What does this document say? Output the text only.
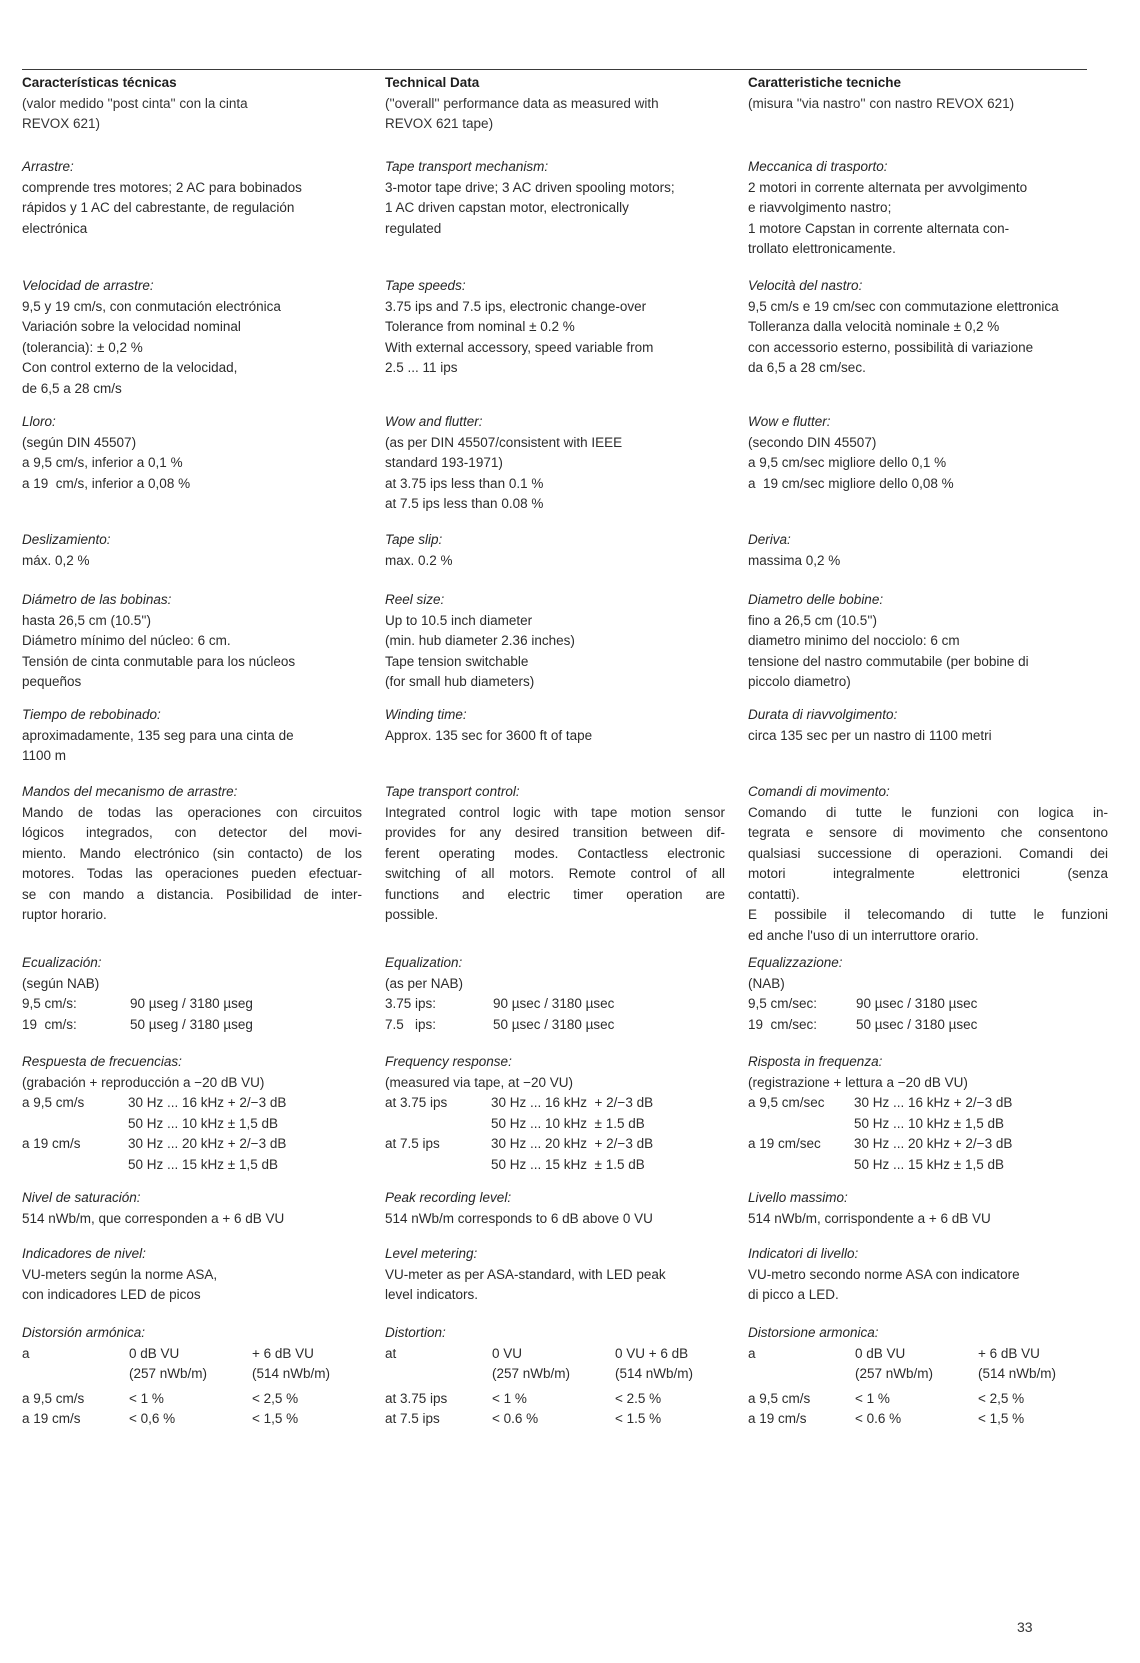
Características técnicas
(valor medido ''post cinta'' con la cinta
REVOX 621)
Arrastre:
comprende tres motores; 2 AC para bobinados
rápidos y 1 AC del cabrestante, de regulación
electrónica
Velocidad de arrastre:
9,5 y 19 cm/s, con conmutación electrónica
Variación sobre la velocidad nominal
(tolerancia): ± 0,2 %
Con control externo de la velocidad,
de 6,5 a 28 cm/s
Lloro:
(según DIN 45507)
a 9,5 cm/s, inferior a 0,1 %
a 19  cm/s, inferior a 0,08 %
Deslizamiento:
máx. 0,2 %
Diámetro de las bobinas:
hasta 26,5 cm (10.5'')
Diámetro mínimo del núcleo: 6 cm.
Tensión de cinta conmutable para los núcleos
pequeños
Tiempo de rebobinado:
aproximadamente, 135 seg para una cinta de
1100 m
Mandos del mecanismo de arrastre:
Mando de todas las operaciones con circuitos
lógicos integrados, con detector del movi-
miento. Mando electrónico (sin contacto) de los
motores. Todas las operaciones pueden efectuar-
se con mando a distancia. Posibilidad de inter-
ruptor horario.
Ecualización:
(según NAB)
9,5 cm/s:	90 µseg / 3180 µseg
19  cm/s:	50 µseg / 3180 µseg
Respuesta de frecuencias:
(grabación + reproducción a −20 dB VU)
a 9,5 cm/s	30 Hz ... 16 kHz + 2/−3 dB
50 Hz ... 10 kHz ± 1,5 dB
a 19 cm/s	30 Hz ... 20 kHz + 2/−3 dB
50 Hz ... 15 kHz ± 1,5 dB
Nivel de saturación:
514 nWb/m, que corresponden a + 6 dB VU
Indicadores de nivel:
VU-meters según la norme ASA,
con indicadores LED de picos
Distorsión armónica:
a	0 dB VU	+ 6 dB VU
(257 nWb/m)	(514 nWb/m)
a 9,5 cm/s	< 1 %	< 2,5 %
a 19 cm/s	< 0,6 %	< 1,5 %
Technical Data
(''overall'' performance data as measured with
REVOX 621 tape)
Tape transport mechanism:
3-motor tape drive; 3 AC driven spooling motors;
1 AC driven capstan motor, electronically
regulated
Tape speeds:
3.75 ips and 7.5 ips, electronic change-over
Tolerance from nominal ± 0.2 %
With external accessory, speed variable from
2.5 ... 11 ips
Wow and flutter:
(as per DIN 45507/consistent with IEEE
standard 193-1971)
at 3.75 ips less than 0.1 %
at 7.5 ips less than 0.08 %
Tape slip:
max. 0.2 %
Reel size:
Up to 10.5 inch diameter
(min. hub diameter 2.36 inches)
Tape tension switchable
(for small hub diameters)
Winding time:
Approx. 135 sec for 3600 ft of tape
Tape transport control:
Integrated control logic with tape motion sensor
provides for any desired transition between dif-
ferent operating modes. Contactless electronic
switching of all motors. Remote control of all
functions and electric timer operation are
possible.
Equalization:
(as per NAB)
3.75 ips:	90 µsec / 3180 µsec
7.5   ips:	50 µsec / 3180 µsec
Frequency response:
(measured via tape, at −20 VU)
at 3.75 ips	30 Hz ... 16 kHz  + 2/−3 dB
50 Hz ... 10 kHz  ± 1.5 dB
at 7.5 ips	30 Hz ... 20 kHz  + 2/−3 dB
50 Hz ... 15 kHz  ± 1.5 dB
Peak recording level:
514 nWb/m corresponds to 6 dB above 0 VU
Level metering:
VU-meter as per ASA-standard, with LED peak
level indicators.
Distortion:
at	0 VU	0 VU + 6 dB
(257 nWb/m)	(514 nWb/m)
at 3.75 ips	< 1 %	< 2.5 %
at 7.5 ips	< 0.6 %	< 1.5 %
Caratteristiche tecniche
(misura ''via nastro'' con nastro REVOX 621)
Meccanica di trasporto:
2 motori in corrente alternata per avvolgimento
e riavvolgimento nastro;
1 motore Capstan in corrente alternata con-
trollato elettronicamente.
Velocità del nastro:
9,5 cm/s e 19 cm/sec con commutazione elettronica
Tolleranza dalla velocità nominale ± 0,2 %
con accessorio esterno, possibilità di variazione
da 6,5 a 28 cm/sec.
Wow e flutter:
(secondo DIN 45507)
a 9,5 cm/sec migliore dello 0,1 %
a  19 cm/sec migliore dello 0,08 %
Deriva:
massima 0,2 %
Diametro delle bobine:
fino a 26,5 cm (10.5'')
diametro minimo del nocciolo: 6 cm
tensione del nastro commutabile (per bobine di
piccolo diametro)
Durata di riavvolgimento:
circa 135 sec per un nastro di 1100 metri
Comandi di movimento:
Comando di tutte le funzioni con logica in-
tegrata e sensore di movimento che consentono
qualsiasi successione di operazioni. Comandi dei
motori integralmente elettronici (senza
contatti).
E possibile il telecomando di tutte le funzioni
ed anche l'uso di un interruttore orario.
Equalizzazione:
(NAB)
9,5 cm/sec:	90 µsec / 3180 µsec
19  cm/sec:	50 µsec / 3180 µsec
Risposta in frequenza:
(registrazione + lettura a −20 dB VU)
a 9,5 cm/sec	30 Hz ... 16 kHz + 2/−3 dB
50 Hz ... 10 kHz ± 1,5 dB
a 19 cm/sec	30 Hz ... 20 kHz + 2/−3 dB
50 Hz ... 15 kHz ± 1,5 dB
Livello massimo:
514 nWb/m, corrispondente a + 6 dB VU
Indicatori di livello:
VU-metro secondo norme ASA con indicatore
di picco a LED.
Distorsione armonica:
a	0 dB VU	+ 6 dB VU
(257 nWb/m)	(514 nWb/m)
a 9,5 cm/s	< 1 %	< 2,5 %
a 19 cm/s	< 0.6 %	< 1,5 %
33
